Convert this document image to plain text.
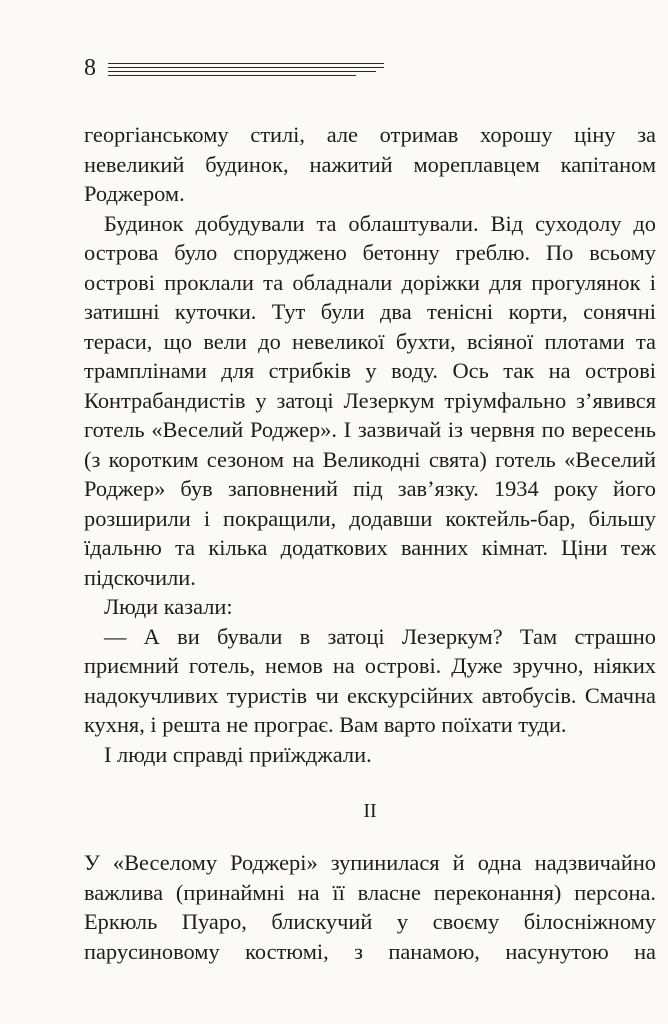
8

георгіанському стилі, але отримав хорошу ціну за невеликий будинок, нажитий мореплавцем капітаном Роджером.

Будинок добудували та облаштували. Від суходолу до острова було споруджено бетонну греблю. По всьому острові проклали та обладнали доріжки для прогулянок і затишні куточки. Тут були два тенісні корти, сонячні тераси, що вели до невеликої бухти, всіяної плотами та трамплінами для стрибків у воду. Ось так на острові Контрабандистів у затоці Лезеркум тріумфально з’явився готель «Веселий Роджер». І зазвичай із червня по вересень (з коротким сезоном на Великодні свята) готель «Веселий Роджер» був заповнений під зав’язку. 1934 року його розширили і покращили, додавши коктейль-бар, більшу їдальню та кілька додаткових ванних кімнат. Ціни теж підскочили.

Люди казали:

— А ви бували в затоці Лезеркум? Там страшно приємний готель, немов на острові. Дуже зручно, ніяких надокучливих туристів чи екскурсійних автобусів. Смачна кухня, і решта не програє. Вам варто поїхати туди.

І люди справді приїжджали.

II

У «Веселому Роджері» зупинилася й одна надзвичайно важлива (принаймні на її власне переконання) персона. Еркюль Пуаро, блискучий у своєму білосніжному парусиновому костюмі, з панамою, насунутою на
